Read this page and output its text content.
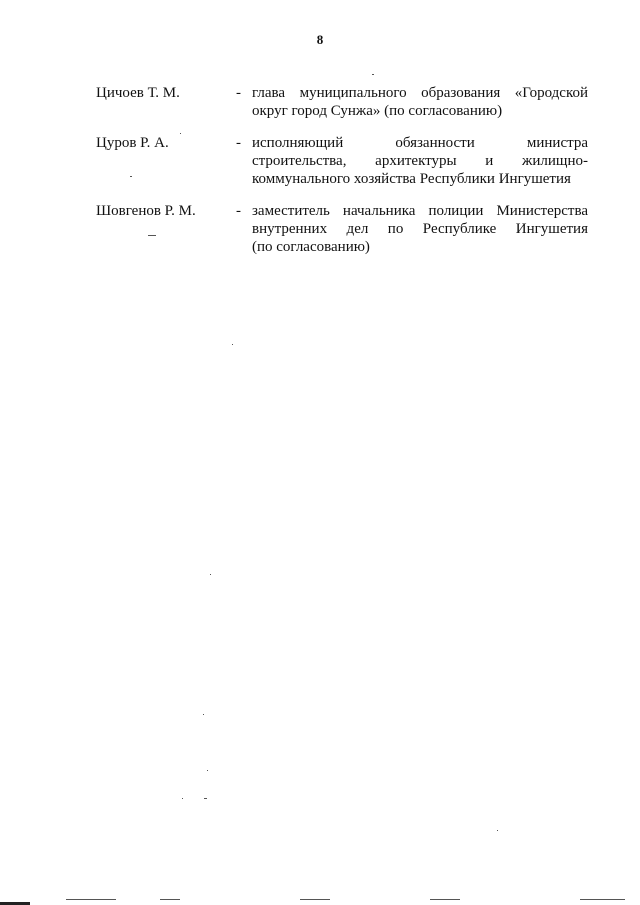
8
Цичоев Т. М.	- глава муниципального образования «Городской
округ город Сунжа» (по согласованию)
Цуров Р. А.	- исполняющий обязанности министра
строительства, архитектуры и жилищно-
коммунального хозяйства Республики Ингушетия
Шовгенов Р. М.	- заместитель начальника полиции Министерства
внутренних дел по Республике Ингушетия
(по согласованию)
